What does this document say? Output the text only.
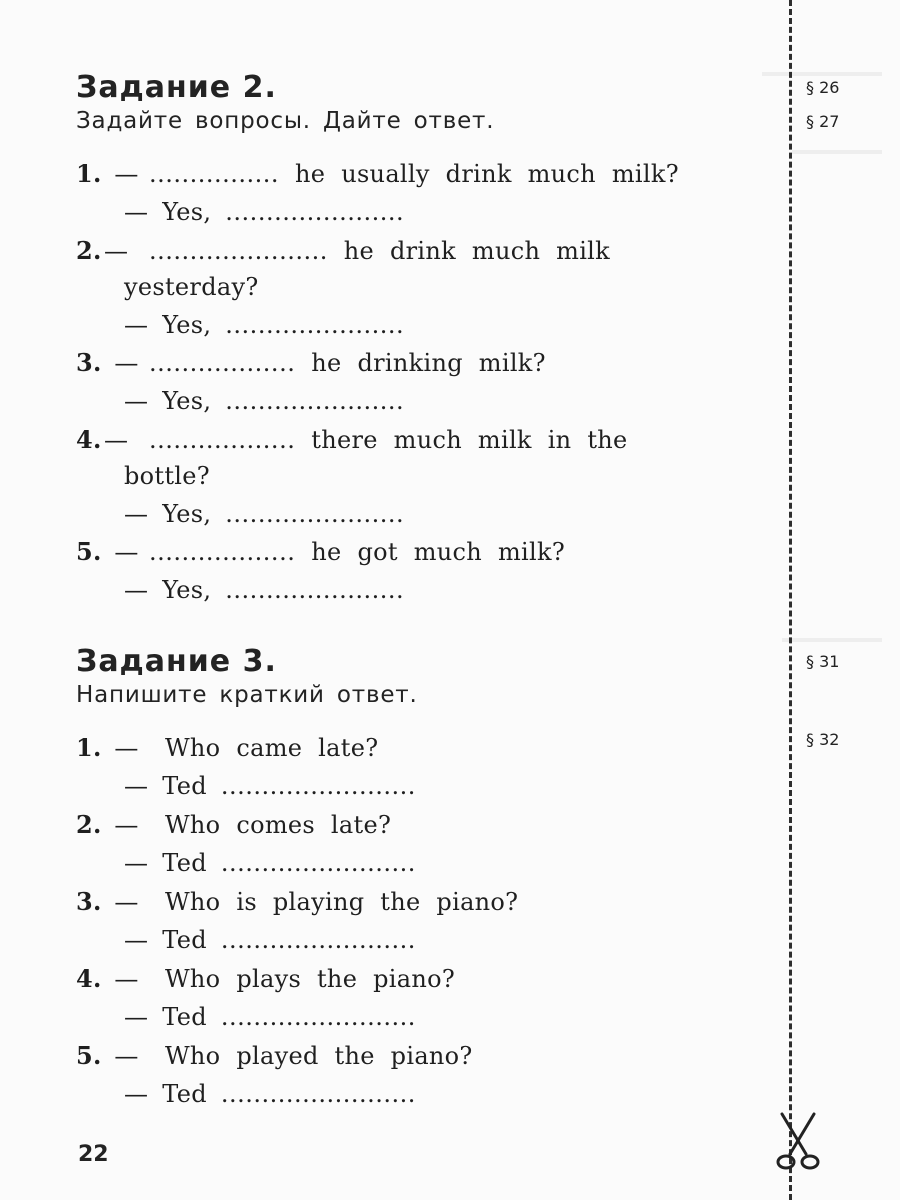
Задание 2.
Задайте вопросы. Дайте ответ.
§ 26
§ 27
1. — ................ he usually drink much milk?
— Yes, ......................
2.— ...................... he drink much milk
yesterday?
— Yes, ......................
3. — .................. he drinking milk?
— Yes, ......................
4.— .................. there much milk in the
bottle?
— Yes, ......................
5. — .................. he got much milk?
— Yes, ......................
Задание 3.
Напишите краткий ответ.
§ 31
§ 32
1. — Who came late?
— Ted ........................
2. — Who comes late?
— Ted ........................
3. — Who is playing the piano?
— Ted ........................
4. — Who plays the piano?
— Ted ........................
5. — Who played the piano?
— Ted ........................
22
